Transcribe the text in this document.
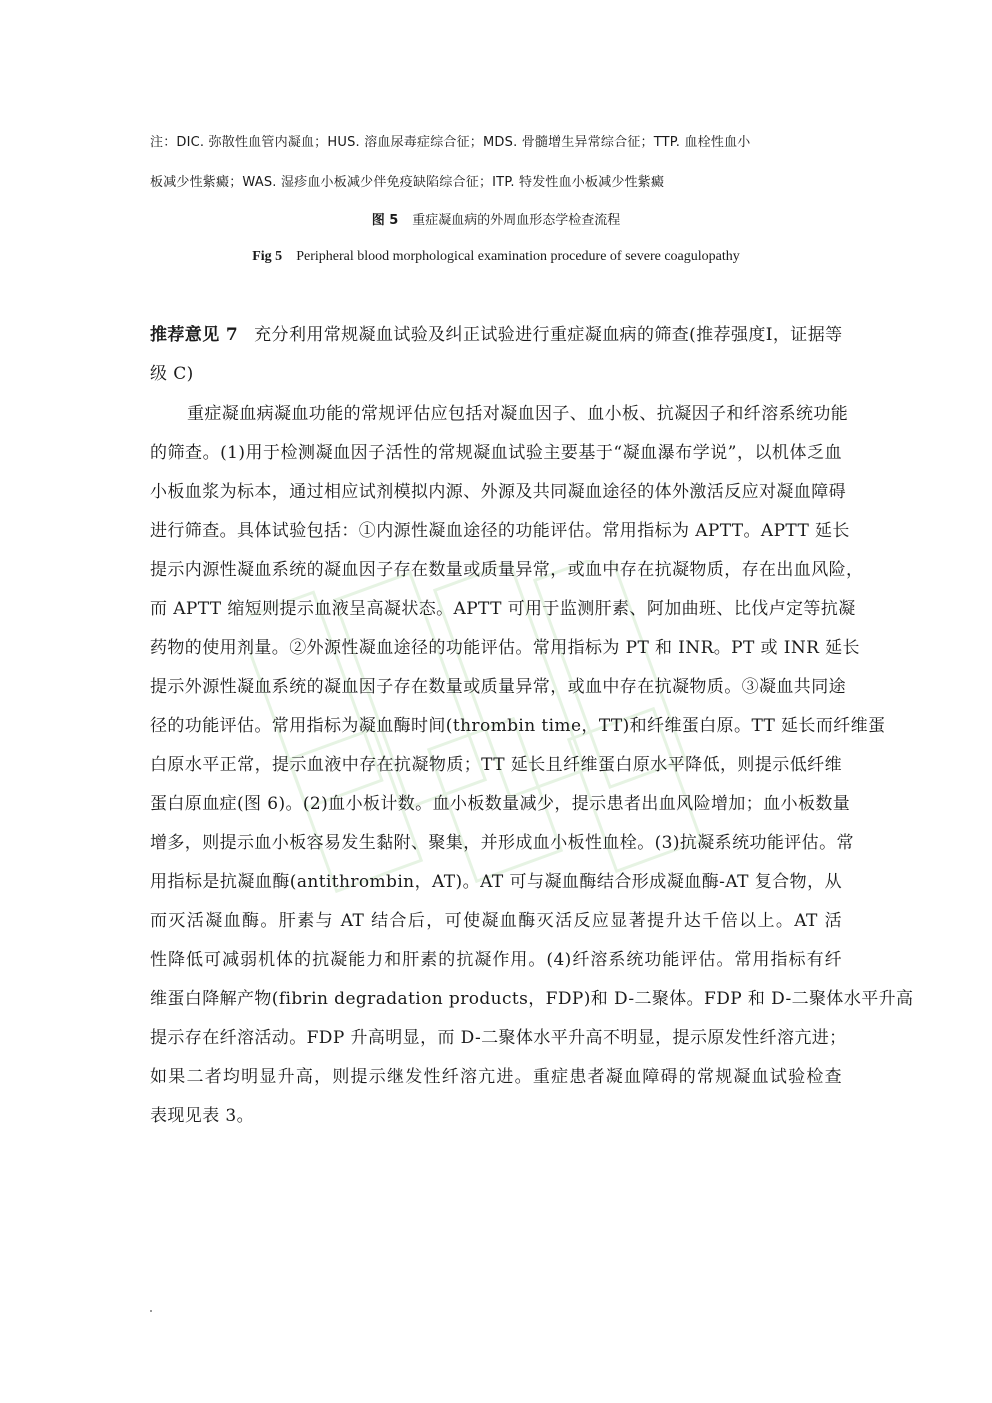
注：DIC. 弥散性血管内凝血；HUS. 溶血尿毒症综合征；MDS. 骨髓增生异常综合征；TTP. 血栓性血小
板减少性紫癜；WAS. 湿疹血小板减少伴免疫缺陷综合征；ITP. 特发性血小板减少性紫癜
图 5 重症凝血病的外周血形态学检查流程
Fig 5 Peripheral blood morphological examination procedure of severe coagulopathy
推荐意见 7 充分利用常规凝血试验及纠正试验进行重症凝血病的筛查(推荐强度Ⅰ，证据等
级 C)
重症凝血病凝血功能的常规评估应包括对凝血因子、血小板、抗凝因子和纤溶系统功能
的筛查。(1)用于检测凝血因子活性的常规凝血试验主要基于“凝血瀑布学说”，以机体乏血
小板血浆为标本，通过相应试剂模拟内源、外源及共同凝血途径的体外激活反应对凝血障碍
进行筛查。具体试验包括：①内源性凝血途径的功能评估。常用指标为 APTT。APTT 延长
提示内源性凝血系统的凝血因子存在数量或质量异常，或血中存在抗凝物质，存在出血风险，
而 APTT 缩短则提示血液呈高凝状态。APTT 可用于监测肝素、阿加曲班、比伐卢定等抗凝
药物的使用剂量。②外源性凝血途径的功能评估。常用指标为 PT 和 INR。PT 或 INR 延长
提示外源性凝血系统的凝血因子存在数量或质量异常，或血中存在抗凝物质。③凝血共同途
径的功能评估。常用指标为凝血酶时间(thrombin time，TT)和纤维蛋白原。TT 延长而纤维蛋
白原水平正常，提示血液中存在抗凝物质；TT 延长且纤维蛋白原水平降低，则提示低纤维
蛋白原血症(图 6)。(2)血小板计数。血小板数量减少，提示患者出血风险增加；血小板数量
增多，则提示血小板容易发生黏附、聚集，并形成血小板性血栓。(3)抗凝系统功能评估。常
用指标是抗凝血酶(antithrombin，AT)。AT 可与凝血酶结合形成凝血酶-AT 复合物，从
而灭活凝血酶。肝素与 AT 结合后，可使凝血酶灭活反应显著提升达千倍以上。AT 活
性降低可减弱机体的抗凝能力和肝素的抗凝作用。(4)纤溶系统功能评估。常用指标有纤
维蛋白降解产物(fibrin degradation products，FDP)和 D-二聚体。FDP 和 D-二聚体水平升高
提示存在纤溶活动。FDP 升高明显，而 D-二聚体水平升高不明显，提示原发性纤溶亢进；
如果二者均明显升高，则提示继发性纤溶亢进。重症患者凝血障碍的常规凝血试验检查
表现见表 3。
